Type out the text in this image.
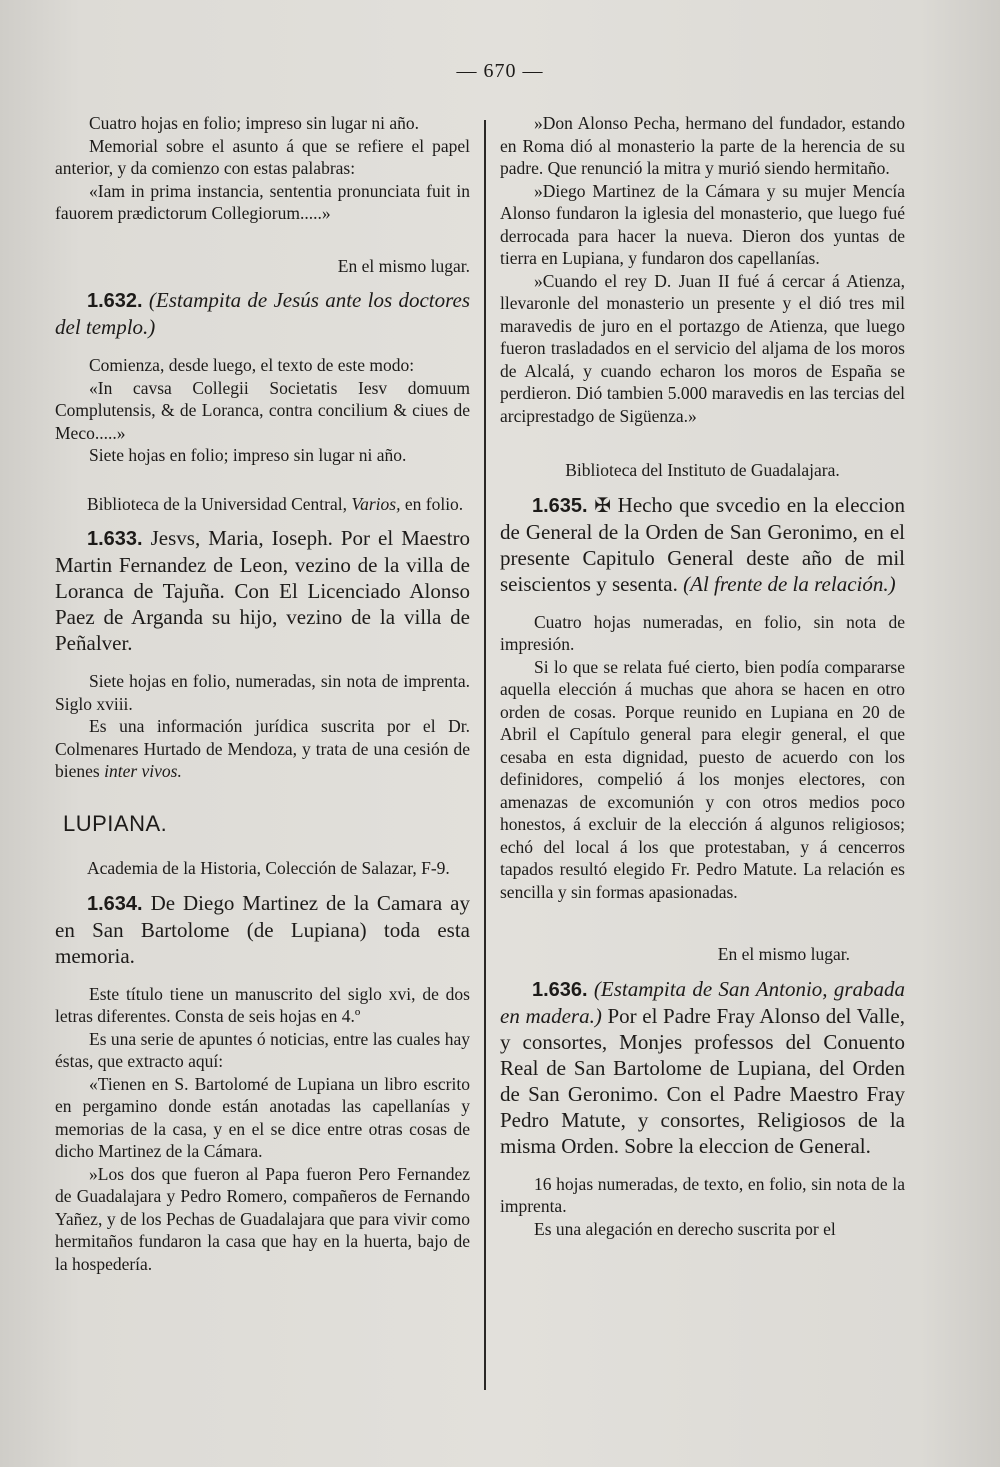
— 670 —

Cuatro hojas en folio; impreso sin lugar ni año.

Memorial sobre el asunto á que se refiere el papel anterior, y da comienzo con estas palabras:

«Iam in prima instancia, sententia pronunciata fuit in fauorem prædictorum Collegiorum.....»

En el mismo lugar.

1.632. (Estampita de Jesús ante los doctores del templo.)

Comienza, desde luego, el texto de este modo:

«In cavsa Collegii Societatis Iesv domuum Complutensis, & de Loranca, contra concilium & ciues de Meco.....»

Siete hojas en folio; impreso sin lugar ni año.

Biblioteca de la Universidad Central, Varios, en folio.

1.633. Jesvs, Maria, Ioseph. Por el Maestro Martin Fernandez de Leon, vezino de la villa de Loranca de Tajuña. Con El Licenciado Alonso Paez de Arganda su hijo, vezino de la villa de Peñalver.

Siete hojas en folio, numeradas, sin nota de imprenta. Siglo xviii.

Es una información jurídica suscrita por el Dr. Colmenares Hurtado de Mendoza, y trata de una cesión de bienes inter vivos.

LUPIANA.

Academia de la Historia, Colección de Salazar, F-9.

1.634. De Diego Martinez de la Camara ay en San Bartolome (de Lupiana) toda esta memoria.

Este título tiene un manuscrito del siglo xvi, de dos letras diferentes. Consta de seis hojas en 4.º

Es una serie de apuntes ó noticias, entre las cuales hay éstas, que extracto aquí:

«Tienen en S. Bartolomé de Lupiana un libro escrito en pergamino donde están anotadas las capellanías y memorias de la casa, y en el se dice entre otras cosas de dicho Martinez de la Cámara.

»Los dos que fueron al Papa fueron Pero Fernandez de Guadalajara y Pedro Romero, compañeros de Fernando Yañez, y de los Pechas de Guadalajara que para vivir como hermitaños fundaron la casa que hay en la huerta, bajo de la hospedería.

»Don Alonso Pecha, hermano del fundador, estando en Roma dió al monasterio la parte de la herencia de su padre. Que renunció la mitra y murió siendo hermitaño.

»Diego Martinez de la Cámara y su mujer Mencía Alonso fundaron la iglesia del monasterio, que luego fué derrocada para hacer la nueva. Dieron dos yuntas de tierra en Lupiana, y fundaron dos capellanías.

»Cuando el rey D. Juan II fué á cercar á Atienza, llevaronle del monasterio un presente y el dió tres mil maravedis de juro en el portazgo de Atienza, que luego fueron trasladados en el servicio del aljama de los moros de Alcalá, y cuando echaron los moros de España se perdieron. Dió tambien 5.000 maravedis en las tercias del arciprestadgo de Sigüenza.»

Biblioteca del Instituto de Guadalajara.

1.635. ✠ Hecho que svcedio en la eleccion de General de la Orden de San Geronimo, en el presente Capitulo General deste año de mil seiscientos y sesenta. (Al frente de la relación.)

Cuatro hojas numeradas, en folio, sin nota de impresión.

Si lo que se relata fué cierto, bien podía compararse aquella elección á muchas que ahora se hacen en otro orden de cosas. Porque reunido en Lupiana en 20 de Abril el Capítulo general para elegir general, el que cesaba en esta dignidad, puesto de acuerdo con los definidores, compelió á los monjes electores, con amenazas de excomunión y con otros medios poco honestos, á excluir de la elección á algunos religiosos; echó del local á los que protestaban, y á cencerros tapados resultó elegido Fr. Pedro Matute. La relación es sencilla y sin formas apasionadas.

En el mismo lugar.

1.636. (Estampita de San Antonio, grabada en madera.) Por el Padre Fray Alonso del Valle, y consortes, Monjes professos del Conuento Real de San Bartolome de Lupiana, del Orden de San Geronimo. Con el Padre Maestro Fray Pedro Matute, y consortes, Religiosos de la misma Orden. Sobre la eleccion de General.

16 hojas numeradas, de texto, en folio, sin nota de la imprenta.

Es una alegación en derecho suscrita por el
